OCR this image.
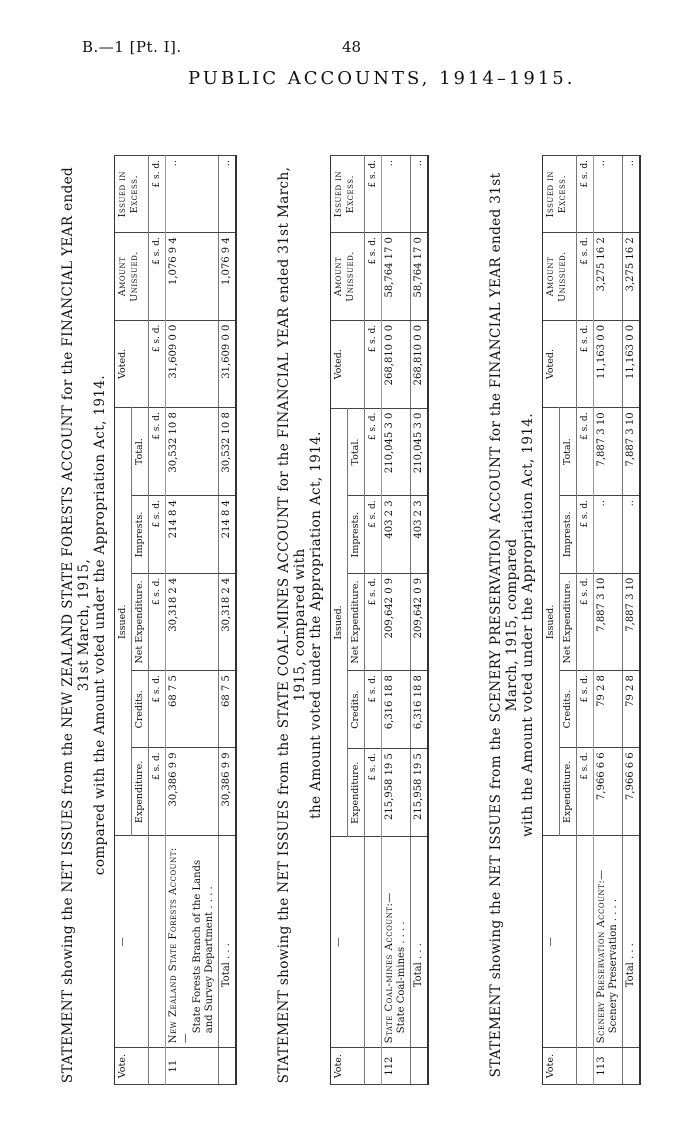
B.—1 [Pt. I].	48
PUBLIC ACCOUNTS, 1914–1915.
STATEMENT showing the NET ISSUES from the NEW ZEALAND STATE FORESTS ACCOUNT for the FINANCIAL YEAR ended 31st March, 1915, compared with the Amount voted under the Appropriation Act, 1914.
Vote.	—	Issued.					Voted.	Amount Unissued.	Issued in Excess.
		Expenditure.	Credits.	Net Expenditure.	Imprests.	Total.			
		£ s. d.	£ s. d.	£ s. d.	£ s. d.	£ s. d.	£ s. d.	£ s. d.	£ s. d.
11	New Zealand State Forests Account:—
State Forests Branch of the Lands and Survey Department . . . .	30,386 9 9	68 7 5	30,318 2 4	214 8 4	30,532 10 8	31,609 0 0	1,076 9 4	..
	Total . . .	30,386 9 9	68 7 5	30,318 2 4	214 8 4	30,532 10 8	31,609 0 0	1,076 9 4	..
STATEMENT showing the NET ISSUES from the STATE COAL-MINES ACCOUNT for the FINANCIAL YEAR ended 31st March, 1915, compared with the Amount voted under the Appropriation Act, 1914.
Vote.	—	Issued.					Voted.	Amount Unissued.	Issued in Excess.
		Expenditure.	Credits.	Net Expenditure.	Imprests.	Total.			
		£ s. d.	£ s. d.	£ s. d.	£ s. d.	£ s. d.	£ s. d.	£ s. d.	£ s. d.
112	State Coal-mines Account:— State Coal-mines . . . .	215,958 19 5	6,316 18 8	209,642 0 9	403 2 3	210,045 3 0	268,810 0 0	58,764 17 0	..
	Total . . .	215,958 19 5	6,316 18 8	209,642 0 9	403 2 3	210,045 3 0	268,810 0 0	58,764 17 0	..
STATEMENT showing the NET ISSUES from the SCENERY PRESERVATION ACCOUNT for the FINANCIAL YEAR ended 31st March, 1915, compared with the Amount voted under the Appropriation Act, 1914.
Vote.	—	Issued.					Voted.	Amount Unissued.	Issued in Excess.
		Expenditure.	Credits.	Net Expenditure.	Imprests.	Total.			
		£ s. d.	£ s. d.	£ s. d.	£ s. d.	£ s. d.	£ s. d.	£ s. d.	£ s. d.
113	Scenery Preservation Account:— Scenery Preservation . . . .	7,966 6 6	79 2 8	7,887 3 10	..	7,887 3 10	11,163 0 0	3,275 16 2	..
	Total . . .	7,966 6 6	79 2 8	7,887 3 10	..	7,887 3 10	11,163 0 0	3,275 16 2	..
